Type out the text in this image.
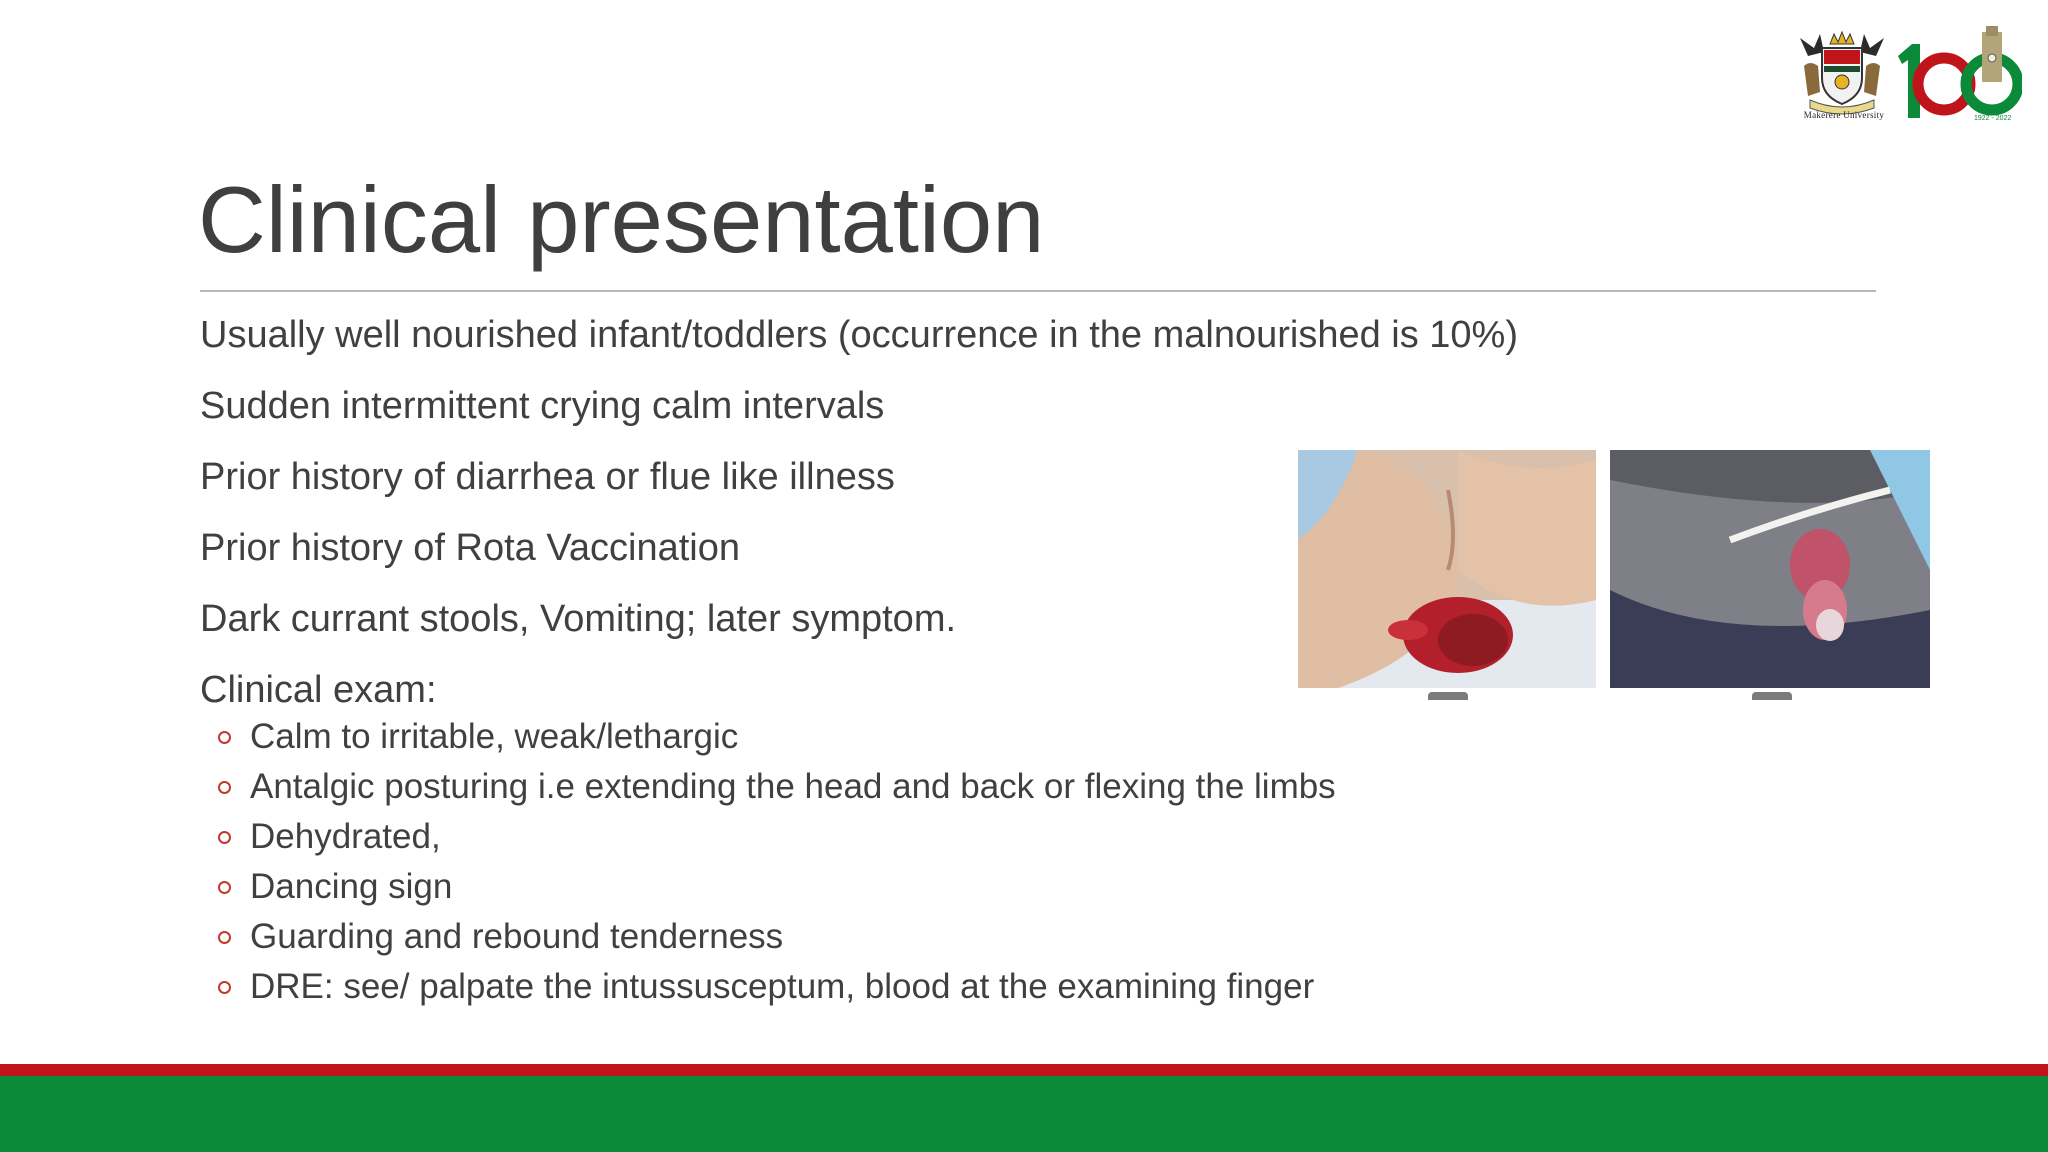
Makerere University	1922 - 2022
Clinical presentation
Usually well nourished infant/toddlers (occurrence in the malnourished is 10%)
Sudden intermittent crying calm intervals
Prior history of diarrhea or flue like illness
Prior history of Rota Vaccination
Dark currant stools, Vomiting; later symptom.
Clinical exam:
Calm to irritable, weak/lethargic
Antalgic posturing i.e extending the head and back or flexing the limbs
Dehydrated,
Dancing sign
Guarding and rebound tenderness
DRE: see/ palpate the intussusceptum, blood at the examining finger
